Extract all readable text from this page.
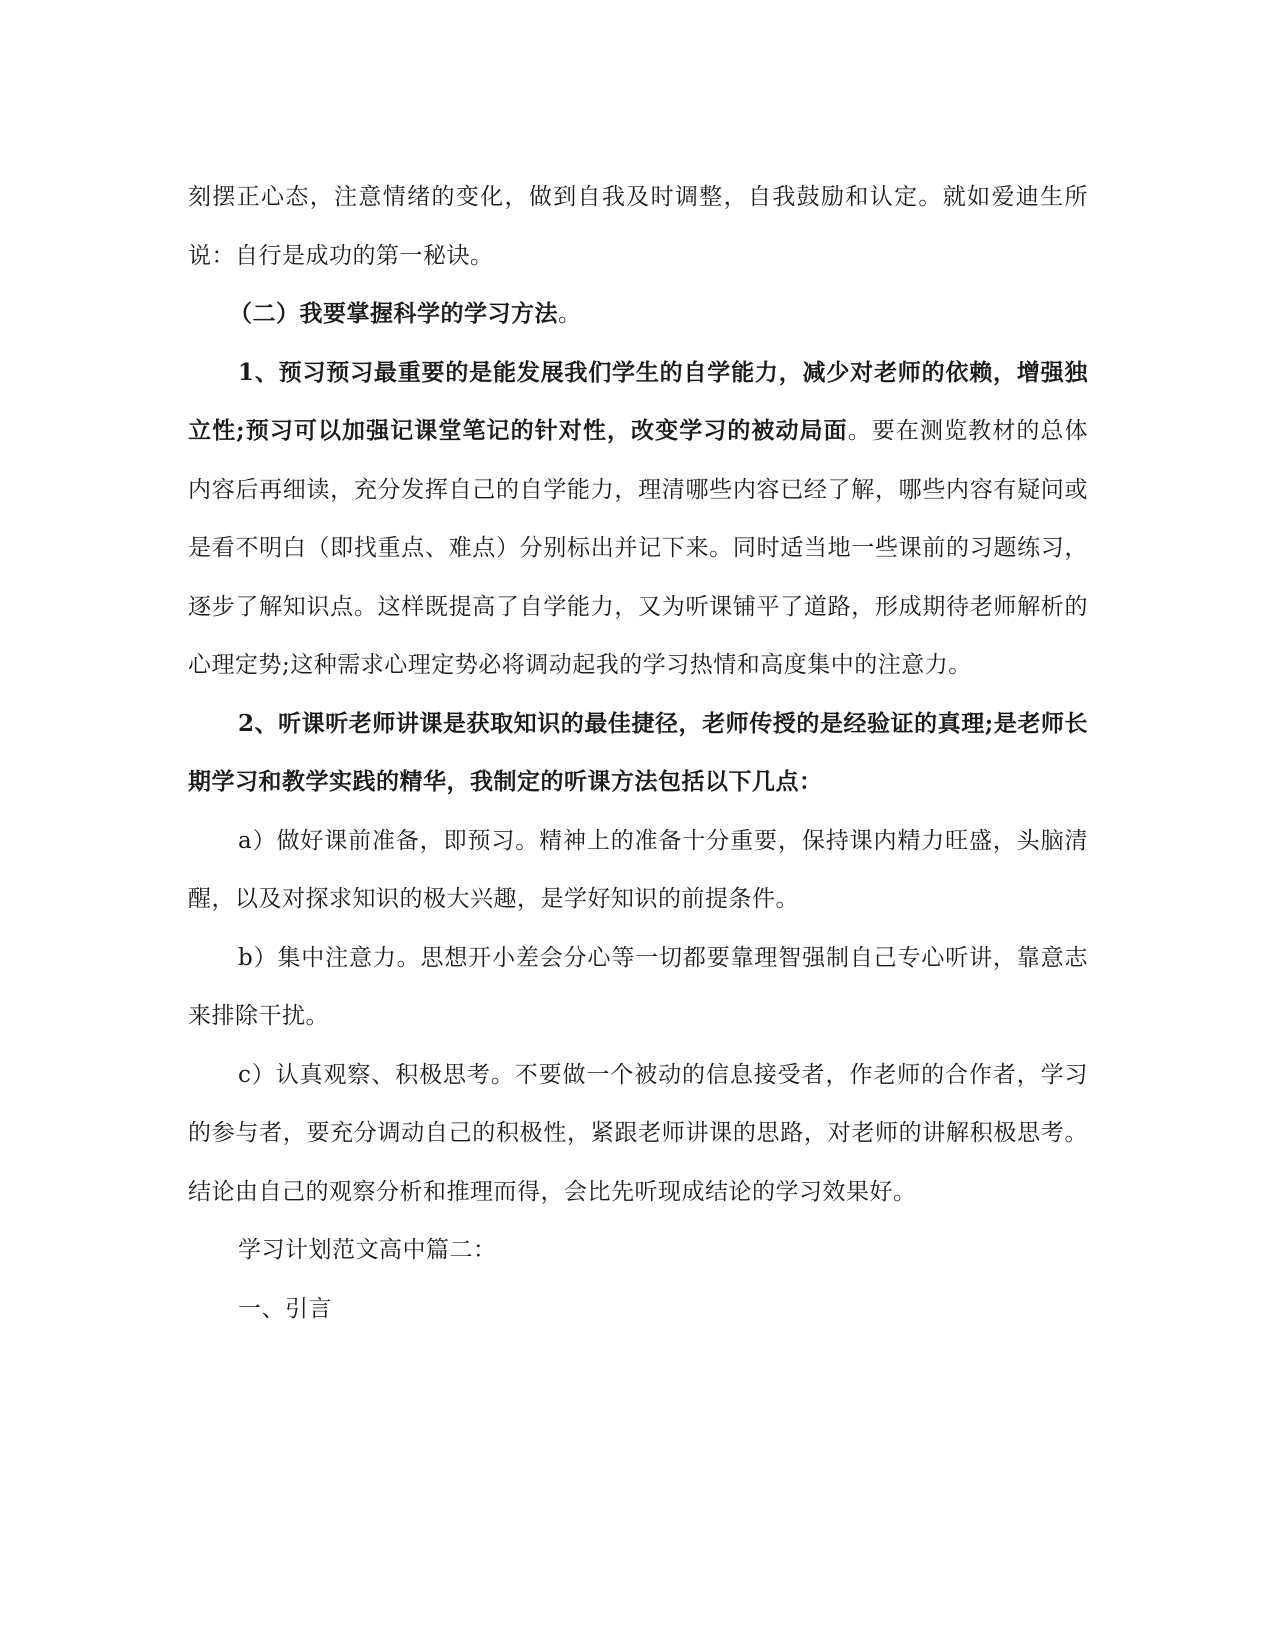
刻摆正心态，注意情绪的变化，做到自我及时调整，自我鼓励和认定。就如爱迪生所说：自行是成功的第一秘诀。

（二）我要掌握科学的学习方法。

1、预习预习最重要的是能发展我们学生的自学能力，减少对老师的依赖，增强独立性;预习可以加强记课堂笔记的针对性，改变学习的被动局面。要在测览教材的总体内容后再细读，充分发挥自己的自学能力，理清哪些内容已经了解，哪些内容有疑问或是看不明白（即找重点、难点）分别标出并记下来。同时适当地一些课前的习题练习，逐步了解知识点。这样既提高了自学能力，又为听课铺平了道路，形成期待老师解析的心理定势;这种需求心理定势必将调动起我的学习热情和高度集中的注意力。

2、听课听老师讲课是获取知识的最佳捷径，老师传授的是经验证的真理;是老师长期学习和教学实践的精华，我制定的听课方法包括以下几点：

a）做好课前准备，即预习。精神上的准备十分重要，保持课内精力旺盛，头脑清醒，以及对探求知识的极大兴趣，是学好知识的前提条件。

b）集中注意力。思想开小差会分心等一切都要靠理智强制自己专心听讲，靠意志来排除干扰。

c）认真观察、积极思考。不要做一个被动的信息接受者，作老师的合作者，学习的参与者，要充分调动自己的积极性，紧跟老师讲课的思路，对老师的讲解积极思考。结论由自己的观察分析和推理而得，会比先听现成结论的学习效果好。

学习计划范文高中篇二：

一、引言
